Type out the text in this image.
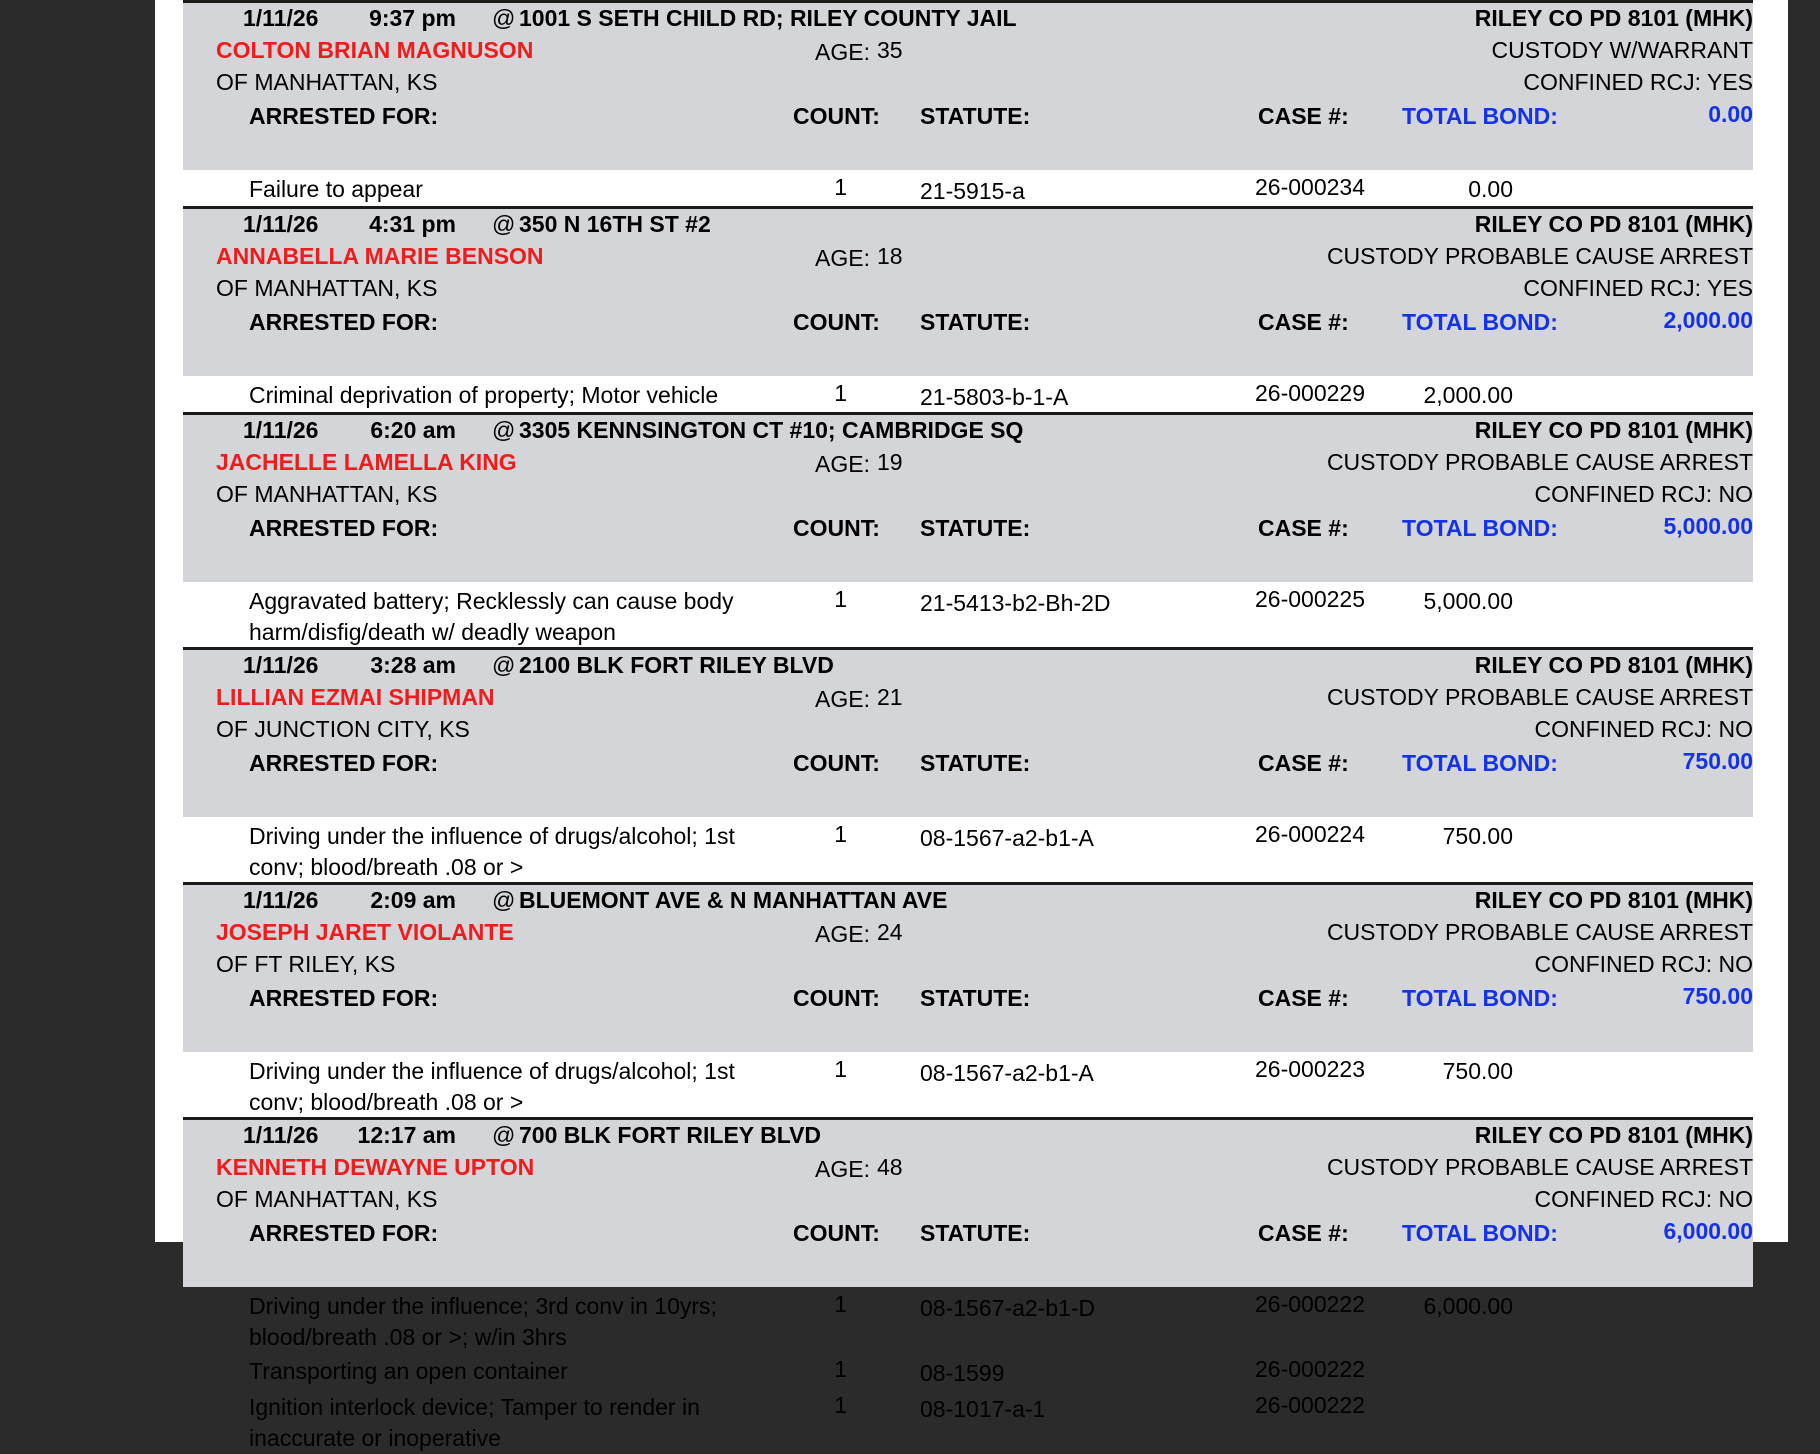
1/11/26	9:37 pm @ 1001 S SETH CHILD RD; RILEY COUNTY JAIL	RILEY CO PD 8101 (MHK)
COLTON BRIAN MAGNUSON	AGE: 35	CUSTODY W/WARRANT
OF MANHATTAN, KS	CONFINED RCJ: YES
ARRESTED FOR:	COUNT: STATUTE:	CASE #: TOTAL BOND:	0.00
Failure to appear	1	21-5915-a	26-000234	0.00
1/11/26	4:31 pm @ 350 N 16TH ST #2	RILEY CO PD 8101 (MHK)
ANNABELLA MARIE BENSON	AGE: 18	CUSTODY PROBABLE CAUSE ARREST
OF MANHATTAN, KS	CONFINED RCJ: YES
ARRESTED FOR:	COUNT: STATUTE:	CASE #: TOTAL BOND:	2,000.00
Criminal deprivation of property; Motor vehicle	1	21-5803-b-1-A	26-000229	2,000.00
1/11/26	6:20 am @ 3305 KENNSINGTON CT #10; CAMBRIDGE SQ	RILEY CO PD 8101 (MHK)
JACHELLE LAMELLA KING	AGE: 19	CUSTODY PROBABLE CAUSE ARREST
OF MANHATTAN, KS	CONFINED RCJ: NO
ARRESTED FOR:	COUNT: STATUTE:	CASE #: TOTAL BOND:	5,000.00
Aggravated battery; Recklessly can cause body harm/disfig/death w/ deadly weapon
1	21-5413-b2-Bh-2D	26-000225	5,000.00
1/11/26	3:28 am @ 2100 BLK FORT RILEY BLVD	RILEY CO PD 8101 (MHK)
LILLIAN EZMAI SHIPMAN	AGE: 21	CUSTODY PROBABLE CAUSE ARREST
OF JUNCTION CITY, KS	CONFINED RCJ: NO
ARRESTED FOR:	COUNT: STATUTE:	CASE #: TOTAL BOND:	750.00
Driving under the influence of drugs/alcohol; 1st conv; blood/breath .08 or >
1	08-1567-a2-b1-A	26-000224	750.00
1/11/26	2:09 am @ BLUEMONT AVE & N MANHATTAN AVE	RILEY CO PD 8101 (MHK)
JOSEPH JARET VIOLANTE	AGE: 24	CUSTODY PROBABLE CAUSE ARREST
OF FT RILEY, KS	CONFINED RCJ: NO
ARRESTED FOR:	COUNT: STATUTE:	CASE #: TOTAL BOND:	750.00
Driving under the influence of drugs/alcohol; 1st conv; blood/breath .08 or >
1	08-1567-a2-b1-A	26-000223	750.00
1/11/26	12:17 am @ 700 BLK FORT RILEY BLVD	RILEY CO PD 8101 (MHK)
KENNETH DEWAYNE UPTON	AGE: 48	CUSTODY PROBABLE CAUSE ARREST
OF MANHATTAN, KS	CONFINED RCJ: NO
ARRESTED FOR:	COUNT: STATUTE:	CASE #: TOTAL BOND:	6,000.00
Driving under the influence; 3rd conv in 10yrs; blood/breath .08 or >; w/in 3hrs
1	08-1567-a2-b1-D	26-000222	6,000.00
Transporting an open container	1	08-1599	26-000222
Ignition interlock device; Tamper to render in inaccurate or inoperative
1	08-1017-a-1	26-000222
